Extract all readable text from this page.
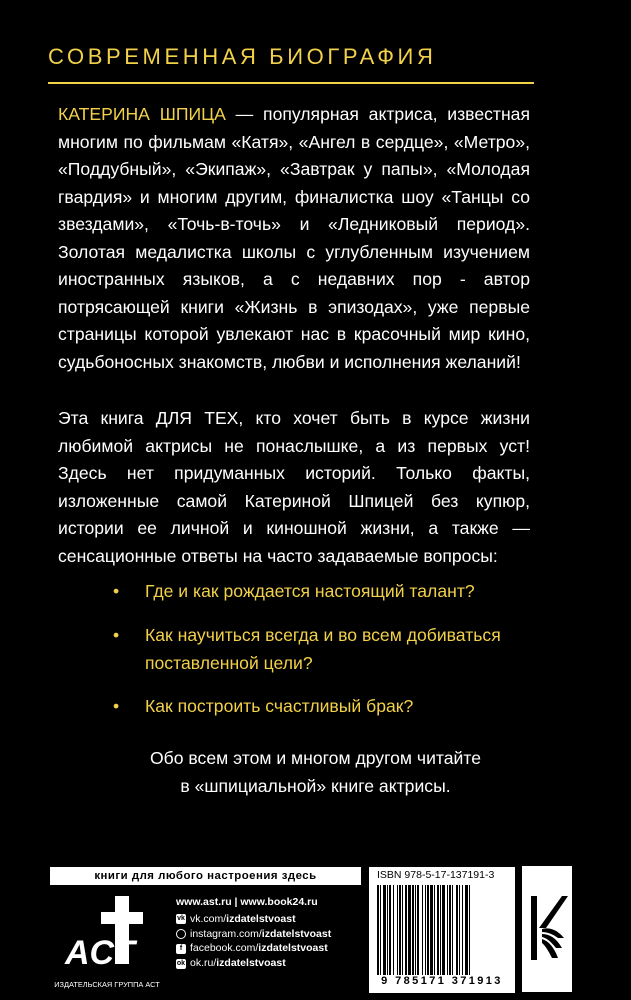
СОВРЕМЕННАЯ БИОГРАФИЯ

КАТЕРИНА ШПИЦА — популярная актриса, известная многим по фильмам «Катя», «Ангел в сердце», «Метро», «Поддубный», «Экипаж», «Завтрак у папы», «Молодая гвардия» и многим другим, финалистка шоу «Танцы со звездами», «Точь-в-точь» и «Ледниковый период». Золотая медалистка школы с углубленным изучением иностранных языков, а с недавних пор - автор потрясающей книги «Жизнь в эпизодах», уже первые страницы которой увлекают нас в красочный мир кино, судьбоносных знакомств, любви и исполнения желаний!

Эта книга ДЛЯ ТЕХ, кто хочет быть в курсе жизни любимой актрисы не понаслышке, а из первых уст! Здесь нет придуманных историй. Только факты, изложенные самой Катериной Шпицей без купюр, истории ее личной и киношной жизни, а также — сенсационные ответы на часто задаваемые вопросы:

• Где и как рождается настоящий талант?
• Как научиться всегда и во всем добиваться поставленной цели?
• Как построить счастливый брак?
Обо всем этом и многом другом читайте
в «шпициальной» книге актрисы.
книги для любого настроения здесь
ACT
ИЗДАТЕЛЬСКАЯ ГРУППА АСТ
www.ast.ru | www.book24.ru
vk vk.com/izdatelstvoast
instagram.com/izdatelstvoast
f facebook.com/izdatelstvoast
ok ok.ru/izdatelstvoast
ISBN 978-5-17-137191-3
9 785171 371913
